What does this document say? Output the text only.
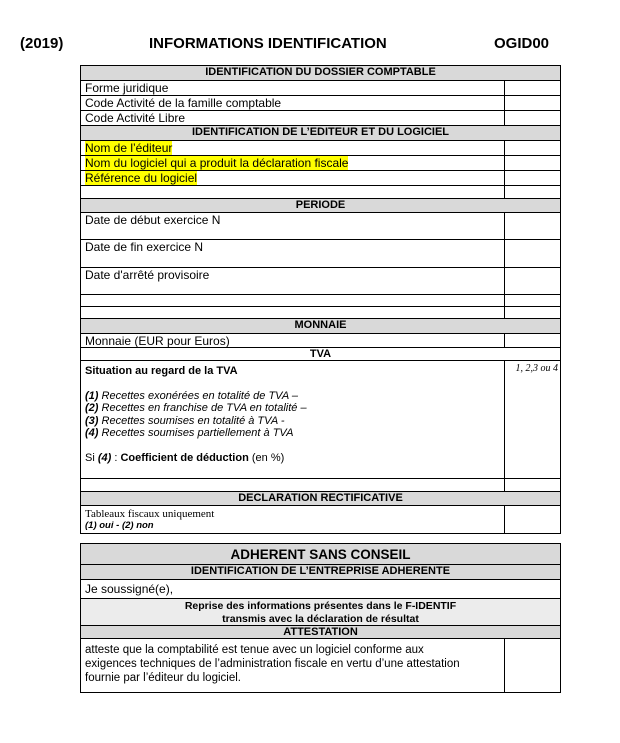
(2019)	INFORMATIONS IDENTIFICATION	OGID00
IDENTIFICATION DU DOSSIER COMPTABLE
Forme juridique
Code Activité de la famille comptable
Code Activité Libre
IDENTIFICATION DE L’EDITEUR ET DU LOGICIEL
Nom de l’éditeur
Nom du logiciel qui a produit la déclaration fiscale
Référence du logiciel
PERIODE
Date de début exercice N
Date de fin exercice N
Date d'arrêté provisoire
MONNAIE
Monnaie (EUR pour Euros)
TVA
Situation au regard de la TVA
(1) Recettes exonérées en totalité de TVA –
(2) Recettes en franchise de TVA en totalité –
(3) Recettes soumises en totalité à TVA -
(4) Recettes soumises partiellement à TVA
Si (4) : Coefficient de déduction (en %)
1, 2,3 ou 4
DECLARATION RECTIFICATIVE
Tableaux fiscaux uniquement
(1) oui - (2) non
ADHERENT SANS CONSEIL
IDENTIFICATION DE L’ENTREPRISE ADHERENTE
Je soussigné(e),
Reprise des informations présentes dans le F-IDENTIF
transmis avec la déclaration de résultat
ATTESTATION
atteste que la comptabilité est tenue avec un logiciel conforme aux
exigences techniques de l’administration fiscale en vertu d’une attestation
fournie par l’éditeur du logiciel.
